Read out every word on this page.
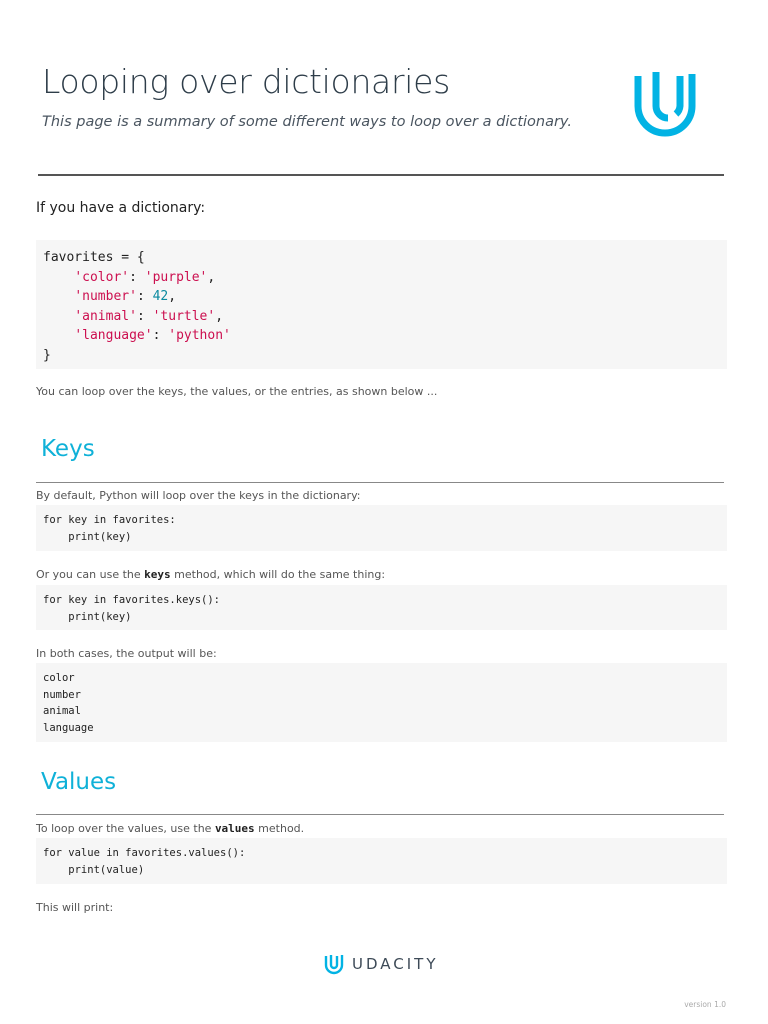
Looping over dictionaries
This page is a summary of some different ways to loop over a dictionary.
If you have a dictionary:
favorites = {
'color': 'purple',
'number': 42,
'animal': 'turtle',
'language': 'python'
}
You can loop over the keys, the values, or the entries, as shown below ...
Keys
By default, Python will loop over the keys in the dictionary:
for key in favorites:
print(key)
Or you can use the keys method, which will do the same thing:
for key in favorites.keys():
print(key)
In both cases, the output will be:
color
number
animal
language
Values
To loop over the values, use the values method.
for value in favorites.values():
print(value)
This will print:
UDACITY
version 1.0
